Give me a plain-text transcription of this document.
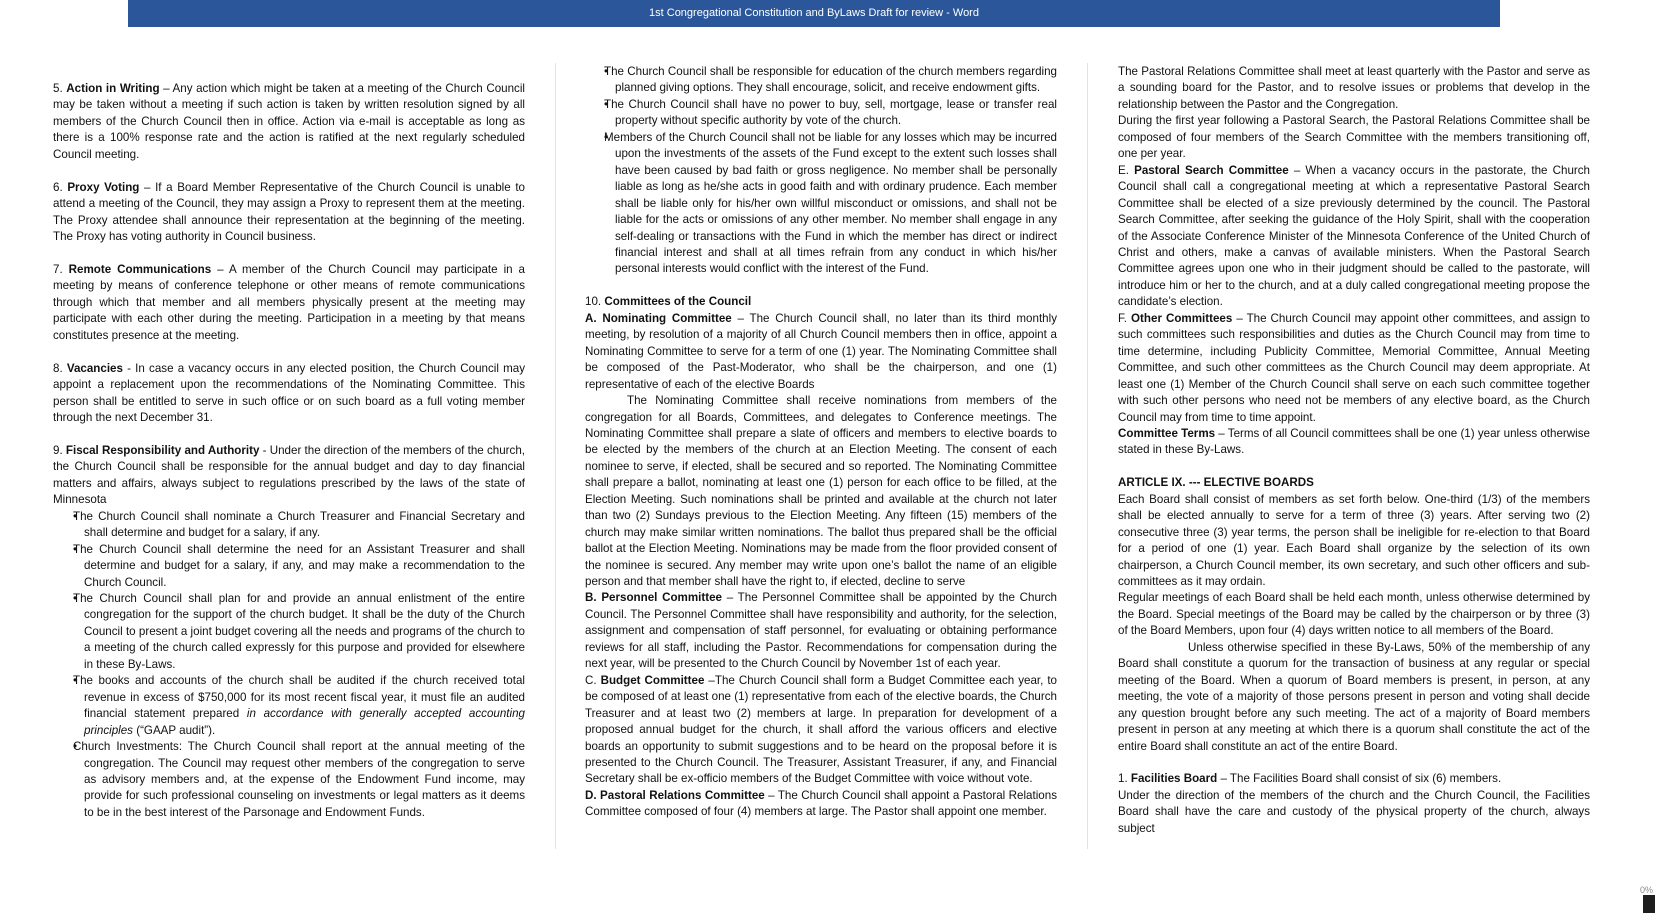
1st Congregational Constitution and ByLaws Draft for review - Word

5. Action in Writing – Any action which might be taken at a meeting of the Church Council may be taken without a meeting if such action is taken by written resolution signed by all members of the Church Council then in office. Action via e-mail is acceptable as long as there is a 100% response rate and the action is ratified at the next regularly scheduled Council meeting.

6. Proxy Voting – If a Board Member Representative of the Church Council is unable to attend a meeting of the Council, they may assign a Proxy to represent them at the meeting. The Proxy attendee shall announce their representation at the beginning of the meeting. The Proxy has voting authority in Council business.

7. Remote Communications – A member of the Church Council may participate in a meeting by means of conference telephone or other means of remote communications through which that member and all members physically present at the meeting may participate with each other during the meeting. Participation in a meeting by that means constitutes presence at the meeting.

8. Vacancies - In case a vacancy occurs in any elected position, the Church Council may appoint a replacement upon the recommendations of the Nominating Committee. This person shall be entitled to serve in such office or on such board as a full voting member through the next December 31.

9. Fiscal Responsibility and Authority - Under the direction of the members of the church, the Church Council shall be responsible for the annual budget and day to day financial matters and affairs, always subject to regulations prescribed by the laws of the state of Minnesota

• The Church Council shall nominate a Church Treasurer and Financial Secretary and shall determine and budget for a salary, if any.
• The Church Council shall determine the need for an Assistant Treasurer and shall determine and budget for a salary, if any, and may make a recommendation to the Church Council.
• The Church Council shall plan for and provide an annual enlistment of the entire congregation for the support of the church budget. It shall be the duty of the Church Council to present a joint budget covering all the needs and programs of the church to a meeting of the church called expressly for this purpose and provided for elsewhere in these By-Laws.
• The books and accounts of the church shall be audited if the church received total revenue in excess of $750,000 for its most recent fiscal year, it must file an audited financial statement prepared in accordance with generally accepted accounting principles (“GAAP audit”).
• Church Investments: The Church Council shall report at the annual meeting of the congregation. The Council may request other members of the congregation to serve as advisory members and, at the expense of the Endowment Fund income, may provide for such professional counseling on investments or legal matters as it deems to be in the best interest of the Parsonage and Endowment Funds.
• The Church Council shall be responsible for education of the church members regarding planned giving options. They shall encourage, solicit, and receive endowment gifts.
• The Church Council shall have no power to buy, sell, mortgage, lease or transfer real property without specific authority by vote of the church.
• Members of the Church Council shall not be liable for any losses which may be incurred upon the investments of the assets of the Fund except to the extent such losses shall have been caused by bad faith or gross negligence. No member shall be personally liable as long as he/she acts in good faith and with ordinary prudence. Each member shall be liable only for his/her own willful misconduct or omissions, and shall not be liable for the acts or omissions of any other member. No member shall engage in any self-dealing or transactions with the Fund in which the member has direct or indirect financial interest and shall at all times refrain from any conduct in which his/her personal interests would conflict with the interest of the Fund.

10. Committees of the Council

A. Nominating Committee – The Church Council shall, no later than its third monthly meeting, by resolution of a majority of all Church Council members then in office, appoint a Nominating Committee to serve for a term of one (1) year. The Nominating Committee shall be composed of the Past-Moderator, who shall be the chairperson, and one (1) representative of each of the elective Boards

The Nominating Committee shall receive nominations from members of the congregation for all Boards, Committees, and delegates to Conference meetings. The Nominating Committee shall prepare a slate of officers and members to elective boards to be elected by the members of the church at an Election Meeting. The consent of each nominee to serve, if elected, shall be secured and so reported. The Nominating Committee shall prepare a ballot, nominating at least one (1) person for each office to be filled, at the Election Meeting. Such nominations shall be printed and available at the church not later than two (2) Sundays previous to the Election Meeting. Any fifteen (15) members of the church may make similar written nominations. The ballot thus prepared shall be the official ballot at the Election Meeting. Nominations may be made from the floor provided consent of the nominee is secured. Any member may write upon one’s ballot the name of an eligible person and that member shall have the right to, if elected, decline to serve

B. Personnel Committee – The Personnel Committee shall be appointed by the Church Council. The Personnel Committee shall have responsibility and authority, for the selection, assignment and compensation of staff personnel, for evaluating or obtaining performance reviews for all staff, including the Pastor. Recommendations for compensation during the next year, will be presented to the Church Council by November 1st of each year.

C. Budget Committee –The Church Council shall form a Budget Committee each year, to be composed of at least one (1) representative from each of the elective boards, the Church Treasurer and at least two (2) members at large. In preparation for development of a proposed annual budget for the church, it shall afford the various officers and elective boards an opportunity to submit suggestions and to be heard on the proposal before it is presented to the Church Council. The Treasurer, Assistant Treasurer, if any, and Financial Secretary shall be ex-officio members of the Budget Committee with voice without vote.

D. Pastoral Relations Committee – The Church Council shall appoint a Pastoral Relations Committee composed of four (4) members at large. The Pastor shall appoint one member.

The Pastoral Relations Committee shall meet at least quarterly with the Pastor and serve as a sounding board for the Pastor, and to resolve issues or problems that develop in the relationship between the Pastor and the Congregation.

During the first year following a Pastoral Search, the Pastoral Relations Committee shall be composed of four members of the Search Committee with the members transitioning off, one per year.

E. Pastoral Search Committee – When a vacancy occurs in the pastorate, the Church Council shall call a congregational meeting at which a representative Pastoral Search Committee shall be elected of a size previously determined by the council. The Pastoral Search Committee, after seeking the guidance of the Holy Spirit, shall with the cooperation of the Associate Conference Minister of the Minnesota Conference of the United Church of Christ and others, make a canvas of available ministers. When the Pastoral Search Committee agrees upon one who in their judgment should be called to the pastorate, will introduce him or her to the church, and at a duly called congregational meeting propose the candidate’s election.

F. Other Committees – The Church Council may appoint other committees, and assign to such committees such responsibilities and duties as the Church Council may from time to time determine, including Publicity Committee, Memorial Committee, Annual Meeting Committee, and such other committees as the Church Council may deem appropriate. At least one (1) Member of the Church Council shall serve on each such committee together with such other persons who need not be members of any elective board, as the Church Council may from time to time appoint.

Committee Terms – Terms of all Council committees shall be one (1) year unless otherwise stated in these By-Laws.

ARTICLE IX. --- ELECTIVE BOARDS

Each Board shall consist of members as set forth below. One-third (1/3) of the members shall be elected annually to serve for a term of three (3) years. After serving two (2) consecutive three (3) year terms, the person shall be ineligible for re-election to that Board for a period of one (1) year. Each Board shall organize by the selection of its own chairperson, a Church Council member, its own secretary, and such other officers and sub-committees as it may ordain.

Regular meetings of each Board shall be held each month, unless otherwise determined by the Board. Special meetings of the Board may be called by the chairperson or by three (3) of the Board Members, upon four (4) days written notice to all members of the Board.

Unless otherwise specified in these By-Laws, 50% of the membership of any Board shall constitute a quorum for the transaction of business at any regular or special meeting of the Board. When a quorum of Board members is present, in person, at any meeting, the vote of a majority of those persons present in person and voting shall decide any question brought before any such meeting. The act of a majority of Board members present in person at any meeting at which there is a quorum shall constitute the act of the entire Board shall constitute an act of the entire Board.

1. Facilities Board – The Facilities Board shall consist of six (6) members.

Under the direction of the members of the church and the Church Council, the Facilities Board shall have the care and custody of the physical property of the church, always subject

0%
